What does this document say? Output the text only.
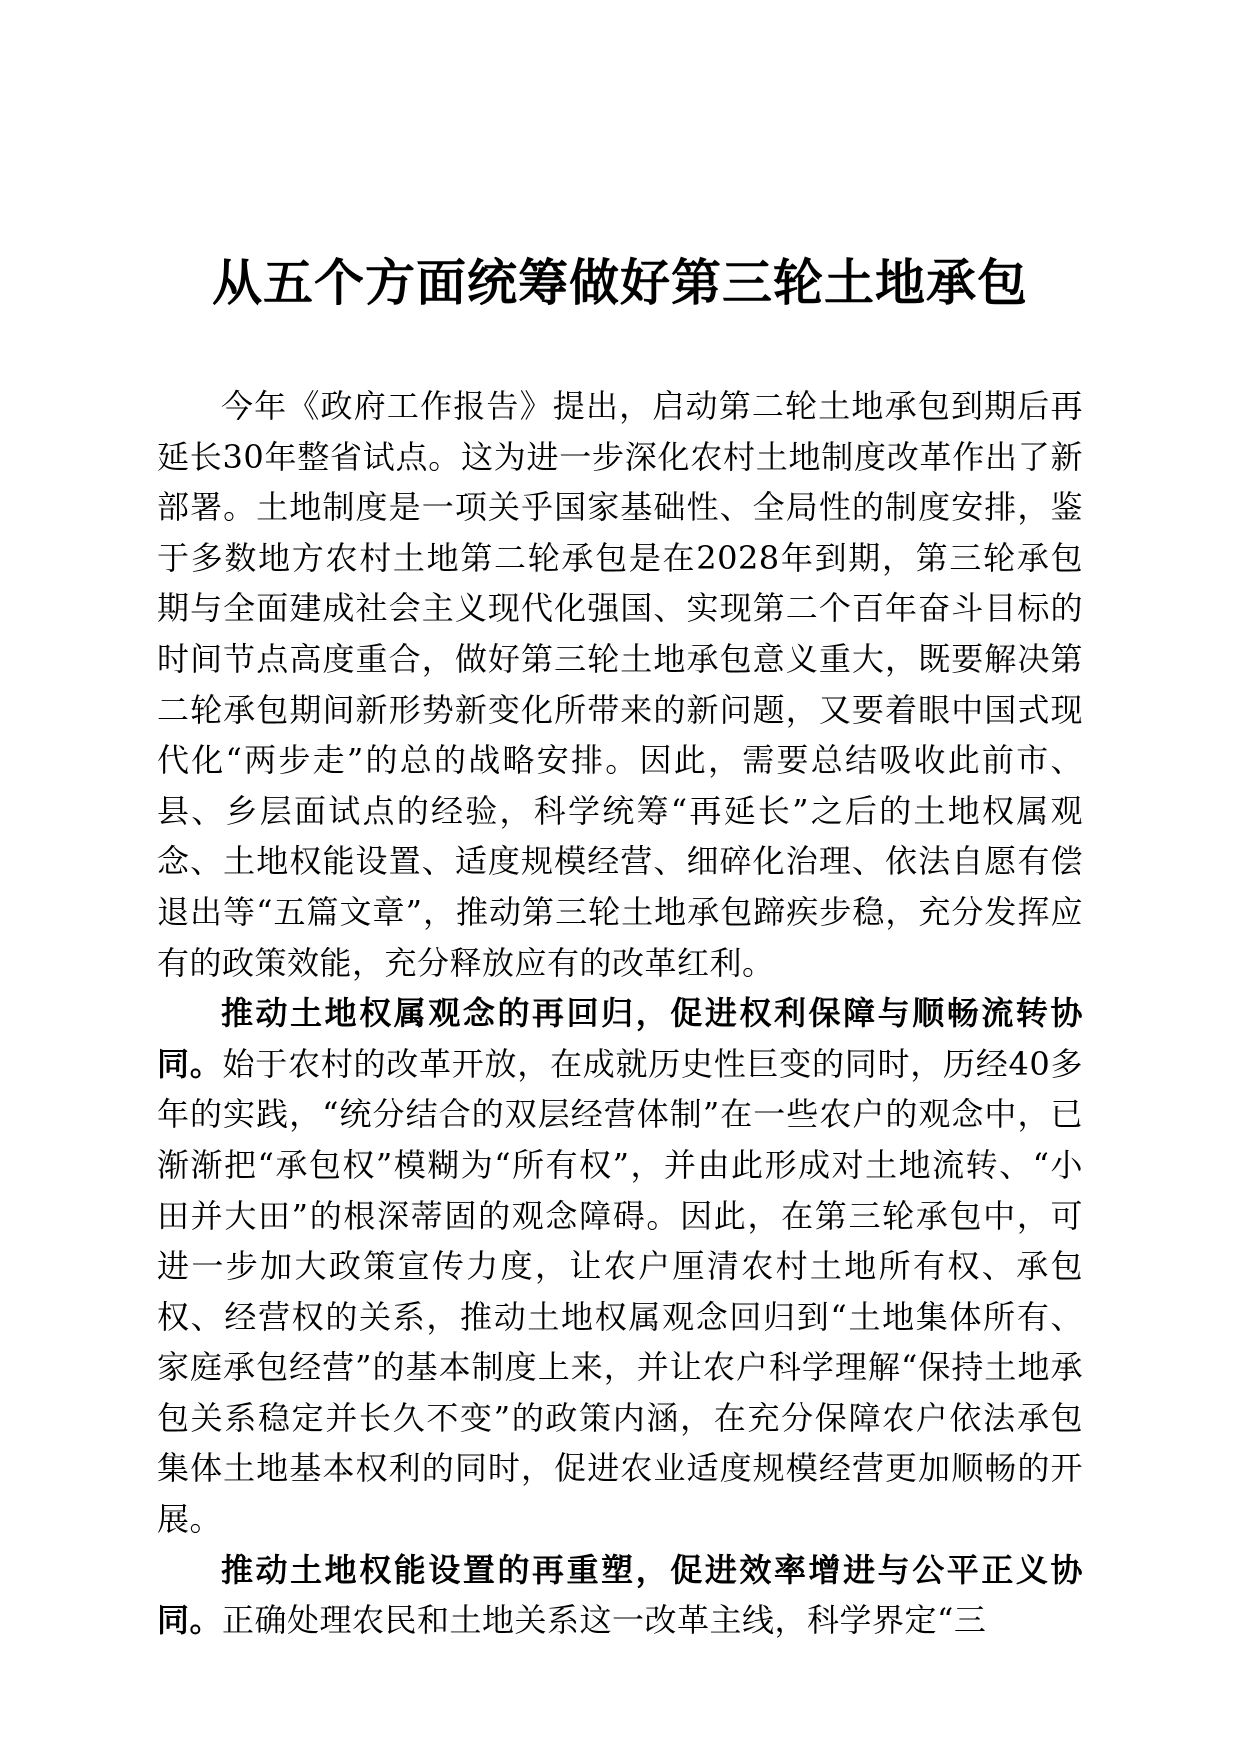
从五个方面统筹做好第三轮土地承包

今年《政府工作报告》提出，启动第二轮土地承包到期后再延长30年整省试点。这为进一步深化农村土地制度改革作出了新部署。土地制度是一项关乎国家基础性、全局性的制度安排，鉴于多数地方农村土地第二轮承包是在2028年到期，第三轮承包期与全面建成社会主义现代化强国、实现第二个百年奋斗目标的时间节点高度重合，做好第三轮土地承包意义重大，既要解决第二轮承包期间新形势新变化所带来的新问题，又要着眼中国式现代化“两步走”的总的战略安排。因此，需要总结吸收此前市、县、乡层面试点的经验，科学统筹“再延长”之后的土地权属观念、土地权能设置、适度规模经营、细碎化治理、依法自愿有偿退出等“五篇文章”，推动第三轮土地承包蹄疾步稳，充分发挥应有的政策效能，充分释放应有的改革红利。

推动土地权属观念的再回归，促进权利保障与顺畅流转协同。始于农村的改革开放，在成就历史性巨变的同时，历经40多年的实践，“统分结合的双层经营体制”在一些农户的观念中，已渐渐把“承包权”模糊为“所有权”，并由此形成对土地流转、“小田并大田”的根深蒂固的观念障碍。因此，在第三轮承包中，可进一步加大政策宣传力度，让农户厘清农村土地所有权、承包权、经营权的关系，推动土地权属观念回归到“土地集体所有、家庭承包经营”的基本制度上来，并让农户科学理解“保持土地承包关系稳定并长久不变”的政策内涵，在充分保障农户依法承包集体土地基本权利的同时，促进农业适度规模经营更加顺畅的开展。

推动土地权能设置的再重塑，促进效率增进与公平正义协同。正确处理农民和土地关系这一改革主线，科学界定“三
